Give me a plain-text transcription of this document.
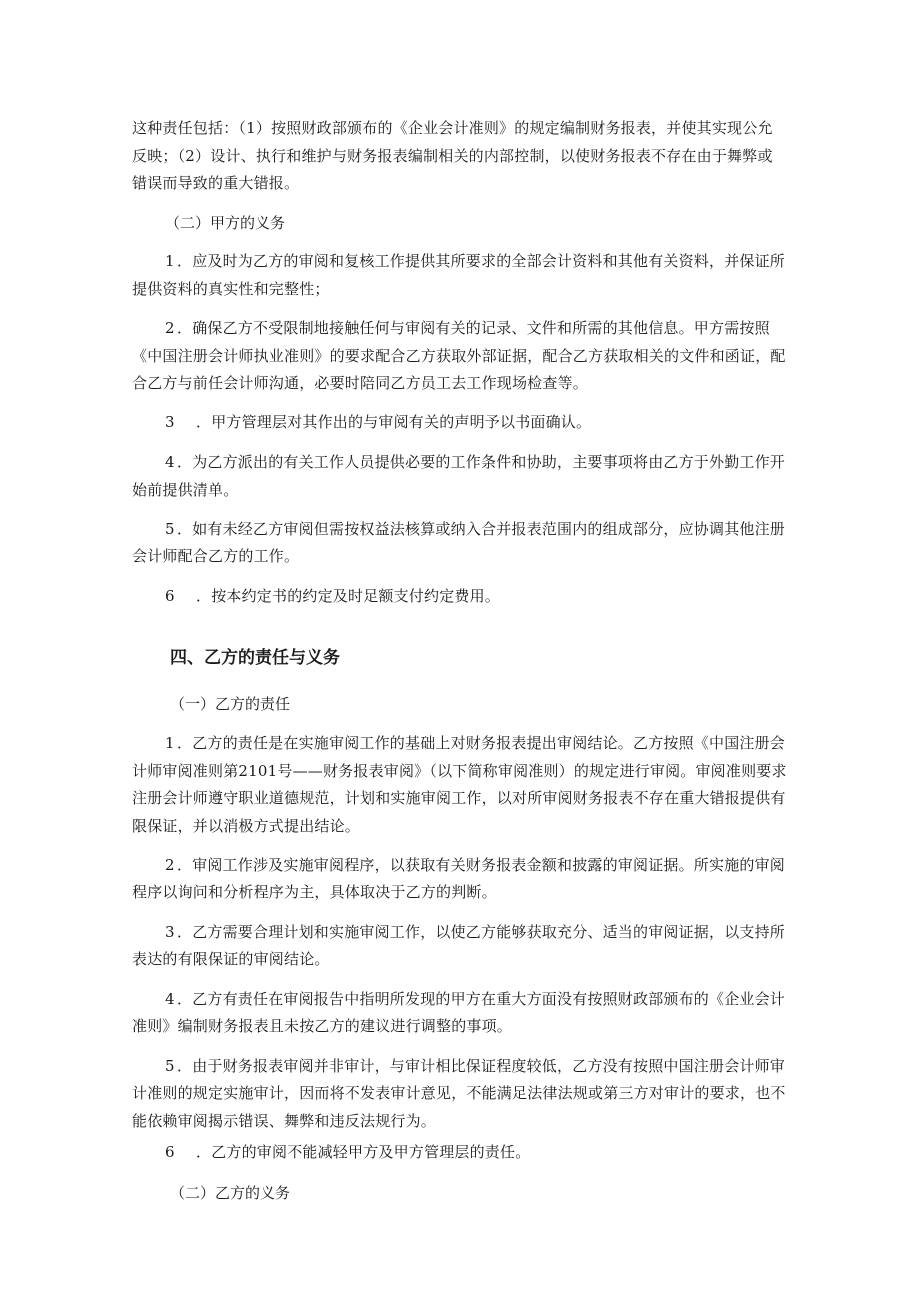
这种责任包括：（1）按照财政部颁布的《企业会计准则》的规定编制财务报表，并使其实现公允
反映；（2）设计、执行和维护与财务报表编制相关的内部控制，以使财务报表不存在由于舞弊或
错误而导致的重大错报。
（二）甲方的义务
1 ．应及时为乙方的审阅和复核工作提供其所要求的全部会计资料和其他有关资料，并保证所
提供资料的真实性和完整性；
2 ．确保乙方不受限制地接触任何与审阅有关的记录、文件和所需的其他信息。甲方需按照
《中国注册会计师执业准则》的要求配合乙方获取外部证据，配合乙方获取相关的文件和函证，配
合乙方与前任会计师沟通，必要时陪同乙方员工去工作现场检查等。
3 ．甲方管理层对其作出的与审阅有关的声明予以书面确认。
4 ．为乙方派出的有关工作人员提供必要的工作条件和协助，主要事项将由乙方于外勤工作开
始前提供清单。
5 ．如有未经乙方审阅但需按权益法核算或纳入合并报表范围内的组成部分，应协调其他注册
会计师配合乙方的工作。
6 ．按本约定书的约定及时足额支付约定费用。
四、乙方的责任与义务
（一）乙方的责任
1 ．乙方的责任是在实施审阅工作的基础上对财务报表提出审阅结论。乙方按照《中国注册会
计师审阅准则第2101号——财务报表审阅》（以下简称审阅准则）的规定进行审阅。审阅准则要求
注册会计师遵守职业道德规范，计划和实施审阅工作，以对所审阅财务报表不存在重大错报提供有
限保证，并以消极方式提出结论。
2 ．审阅工作涉及实施审阅程序，以获取有关财务报表金额和披露的审阅证据。所实施的审阅
程序以询问和分析程序为主，具体取决于乙方的判断。
3 ．乙方需要合理计划和实施审阅工作，以使乙方能够获取充分、适当的审阅证据，以支持所
表达的有限保证的审阅结论。
4 ．乙方有责任在审阅报告中指明所发现的甲方在重大方面没有按照财政部颁布的《企业会计
准则》编制财务报表且未按乙方的建议进行调整的事项。
5 ．由于财务报表审阅并非审计，与审计相比保证程度较低，乙方没有按照中国注册会计师审
计准则的规定实施审计，因而将不发表审计意见，不能满足法律法规或第三方对审计的要求，也不
能依赖审阅揭示错误、舞弊和违反法规行为。
6 ．乙方的审阅不能减轻甲方及甲方管理层的责任。
（二）乙方的义务
